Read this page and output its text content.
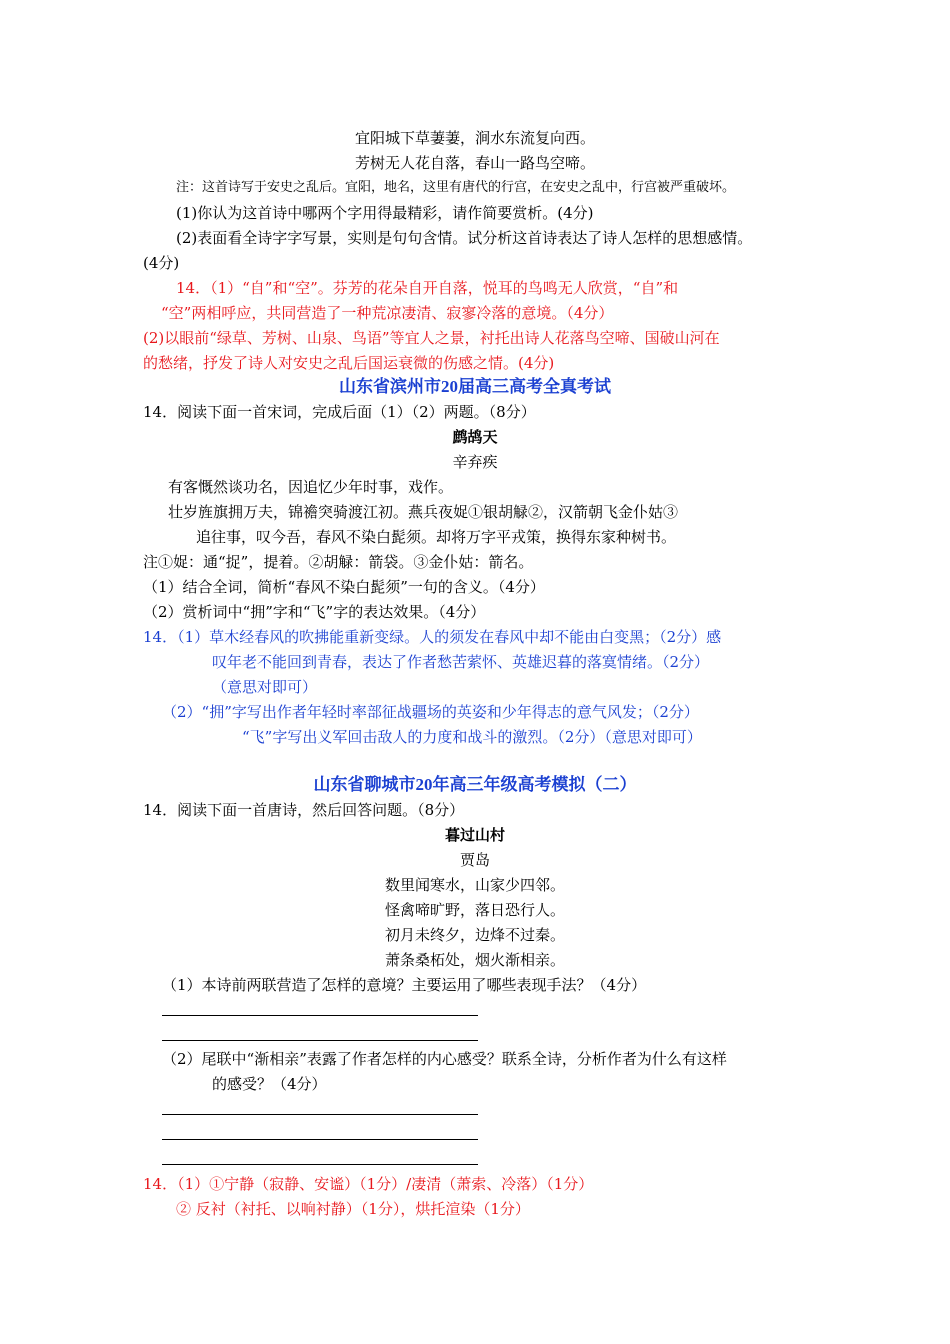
宜阳城下草萋萋，涧水东流复向西。
芳树无人花自落，春山一路鸟空啼。
注：这首诗写于安史之乱后。宜阳，地名，这里有唐代的行宫，在安史之乱中，行宫被严重破坏。
(1)你认为这首诗中哪两个字用得最精彩，请作简要赏析。(4分)
(2)表面看全诗字字写景，实则是句句含情。试分析这首诗表达了诗人怎样的思想感情。
(4分)
14．（1）“自”和“空”。芬芳的花朵自开自落，悦耳的鸟鸣无人欣赏，“自”和
“空”两相呼应，共同营造了一种荒凉凄清、寂寥冷落的意境。（4分）
(2)以眼前“绿草、芳树、山泉、鸟语”等宜人之景，衬托出诗人花落鸟空啼、国破山河在
的愁绪，抒发了诗人对安史之乱后国运衰微的伤感之情。(4分)
山东省滨州市20届高三高考全真考试
14．阅读下面一首宋词，完成后面（1）（2）两题。（8分）
鹧鸪天
辛弃疾
有客慨然谈功名，因追忆少年时事，戏作。
壮岁旌旗拥万夫，锦襜突骑渡江初。燕兵夜娖①银胡觮②，汉箭朝飞金仆姑③
追往事，叹今吾，春风不染白髭须。却将万字平戎策，换得东家种树书。
注①娖：通“捉”，提着。②胡觮：箭袋。③金仆姑：箭名。
（1）结合全词，简析“春风不染白髭须”一句的含义。（4分）
（2）赏析词中“拥”字和“飞”字的表达效果。（4分）
14．（1）草木经春风的吹拂能重新变绿。人的须发在春风中却不能由白变黑；（2分）感
叹年老不能回到青春，表达了作者愁苦萦怀、英雄迟暮的落寞情绪。（2分）
（意思对即可）
（2）“拥”字写出作者年轻时率部征战疆场的英姿和少年得志的意气风发；（2分）
“飞”字写出义军回击敌人的力度和战斗的激烈。（2分）（意思对即可）
山东省聊城市20年高三年级高考模拟（二）
14．阅读下面一首唐诗，然后回答问题。（8分）
暮过山村
贾岛
数里闻寒水，山家少四邻。
怪禽啼旷野，落日恐行人。
初月未终夕，边烽不过秦。
萧条桑柘处，烟火渐相亲。
（1）本诗前两联营造了怎样的意境？主要运用了哪些表现手法？（4分）
（2）尾联中“渐相亲”表露了作者怎样的内心感受？联系全诗，分析作者为什么有这样
的感受？（4分）
14．（1）①宁静（寂静、安谧）（1分）/凄清（萧索、冷落）（1分）
② 反衬（衬托、以响衬静）（1分），烘托渲染（1分）
